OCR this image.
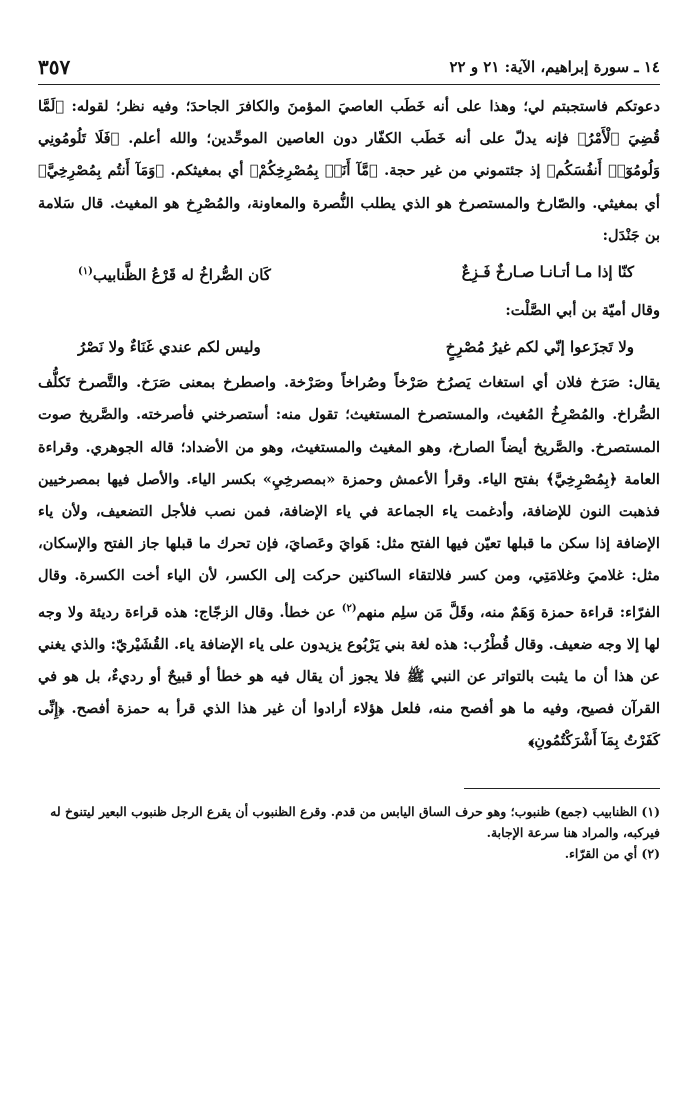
١٤ ـ سورة إبراهيم، الآية: ٢١ و ٢٢
٣٥٧

دعوتكم فاستجبتم لي؛ وهذا على أنه خَطَب العاصيَ المؤمنَ والكافرَ الجاحدَ؛ وفيه نظر؛ لقوله: ﴿لَمَّا قُضِيَ ٱلْأَمْرُ﴾ فإنه يدلّ على أنه خَطَب الكفّار دون العاصين الموحِّدين؛ والله أعلم. ﴿فَلَا تَلُومُونِي وَلُومُوٓا۟ أَنفُسَكُم﴾ إذ جئتموني من غير حجة. ﴿مَّآ أَنَا۠ بِمُصْرِخِكُمْ﴾ أي بمغيثكم. ﴿وَمَآ أَنتُم بِمُصْرِخِيَّ﴾ أي بمغيثي. والصّارخ والمستصرخ هو الذي يطلب النُّصرة والمعاونة، والمُصْرِخ هو المغيث. قال سَلامة بن جَنْدَل:

كنّا إذا مـا أتـانـا صـارخٌ فَـزِعٌ
كَان الصُّراخُ له قَرْعُ الظَّنابيب$^{(١)}$

وقال أميّة بن أبي الصَّلْت:

ولا تَجزَعوا إنّي لكم غيرُ مُصْرِخٍ
وليس لكم عندي غَنَاءٌ ولا نَصْرُ

يقال: صَرَخ فلان أي استغاث يَصرُخ صَرْخاً وصُراخاً وصَرْخة. واصطرخ بمعنى صَرَخ. والتَّصرخ تَكلُّف الصُّراخ. والمُصْرِخُ المُغيث، والمستصرخ المستغيث؛ تقول منه: أستصرخني فأصرخته. والصَّريخ صوت المستصرخ. والصَّريخ أيضاً الصارخ، وهو المغيث والمستغيث، وهو من الأضداد؛ قاله الجوهري. وقراءة العامة ﴿بِمُصْرِخِيَّ﴾ بفتح الياء. وقرأ الأعمش وحمزة «بمصرخِيِ» بكسر الياء. والأصل فيها بمصرخيين فذهبت النون للإضافة، وأدغمت ياء الجماعة في ياء الإضافة، فمن نصب فلأجل التضعيف، ولأن ياء الإضافة إذا سكن ما قبلها تعيّن فيها الفتح مثل: هَوايَ وعَصايَ، فإن تحرك ما قبلها جاز الفتح والإسكان، مثل: غلاميَ وغلامَتِي، ومن كسر فلالتقاء الساكنين حركت إلى الكسر، لأن الياء أخت الكسرة. وقال الفرّاء: قراءة حمزة وَهَمٌ منه، وقَلَّ مَن سلِم منهم$^{(٢)}$ عن خطأ. وقال الزجّاج: هذه قراءة رديئة ولا وجه لها إلا وجه ضعيف. وقال قُطْرُب: هذه لغة بني يَرْبُوع يزيدون على ياء الإضافة ياء. القُشَيْريّ: والذي يغني عن هذا أن ما يثبت بالتواتر عن النبي ﷺ فلا يجوز أن يقال فيه هو خطأ أو قبيحٌ أو رديءٌ، بل هو في القرآن فصيح، وفيه ما هو أفصح منه، فلعل هؤلاء أرادوا أن غير هذا الذي قرأ به حمزة أفصح. ﴿إِنِّى كَفَرْتُ بِمَآ أَشْرَكْتُمُونِ﴾

(١) الظنابيب (جمع) ظنبوب؛ وهو حرف الساق اليابس من قدم. وقرع الظنبوب أن يقرع الرجل ظنبوب البعير ليتنوخ له فيركبه، والمراد هنا سرعة الإجابة.

(٢) أي من القرّاء.
